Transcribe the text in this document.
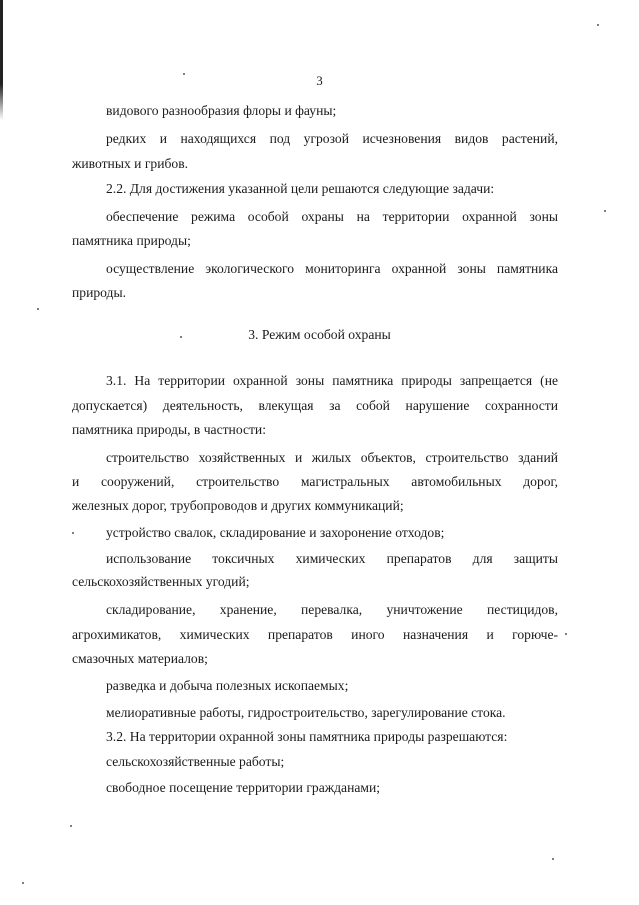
3
видового разнообразия флоры и фауны;
редких и находящихся под угрозой исчезновения видов растений,
животных и грибов.
2.2. Для достижения указанной цели решаются следующие задачи:
обеспечение режима особой охраны на территории охранной зоны
памятника природы;
осуществление экологического мониторинга охранной зоны памятника
природы.
3. Режим особой охраны
3.1. На территории охранной зоны памятника природы запрещается (не
допускается) деятельность, влекущая за собой нарушение сохранности
памятника природы, в частности:
строительство хозяйственных и жилых объектов, строительство зданий
и сооружений, строительство магистральных автомобильных дорог,
железных дорог, трубопроводов и других коммуникаций;
устройство свалок, складирование и захоронение отходов;
использование токсичных химических препаратов для защиты
сельскохозяйственных угодий;
складирование, хранение, перевалка, уничтожение пестицидов,
агрохимикатов, химических препаратов иного назначения и горюче-
смазочных материалов;
разведка и добыча полезных ископаемых;
мелиоративные работы, гидростроительство, зарегулирование стока.
3.2. На территории охранной зоны памятника природы разрешаются:
сельскохозяйственные работы;
свободное посещение территории гражданами;
